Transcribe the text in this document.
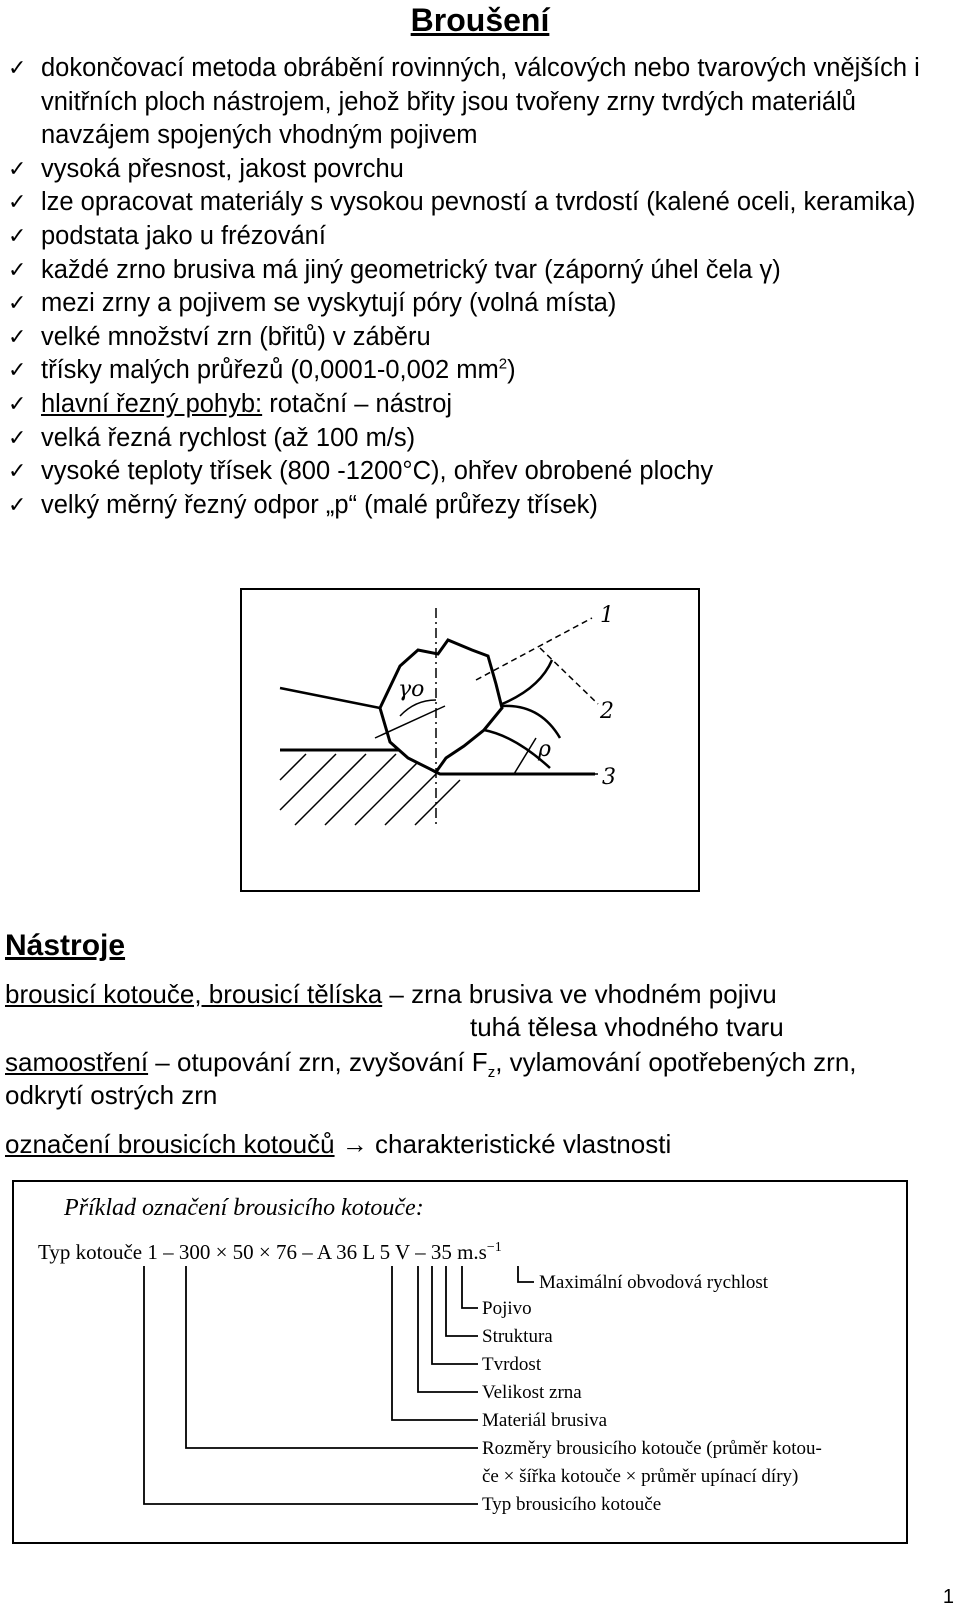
Broušení
✓ dokončovací metoda obrábění rovinných, válcových nebo tvarových vnějších i vnitřních ploch nástrojem, jehož břity jsou tvořeny zrny tvrdých materiálů navzájem spojených vhodným pojivem
✓ vysoká přesnost, jakost povrchu
✓ lze opracovat materiály s vysokou pevností a tvrdostí (kalené oceli, keramika)
✓ podstata jako u frézování
✓ každé zrno brusiva má jiný geometrický tvar (záporný úhel čela γ)
✓ mezi zrny a pojivem se vyskytují póry (volná místa)
✓ velké množství zrn (břitů) v záběru
✓ třísky malých průřezů (0,0001-0,002 $mm^2$)
✓ hlavní řezný pohyb: rotační – nástroj
✓ velká řezná rychlost (až 100 m/s)
✓ vysoké teploty třísek (800 -1200°C), ohřev obrobené plochy
✓ velký měrný řezný odpor „p“ (malé průřezy třísek)
γo
ρ
1
2
3
Nástroje
brousicí kotouče, brousicí tělíska – zrna brusiva ve vhodném pojivu
tuhá tělesa vhodného tvaru
samoostření – otupování zrn, zvyšování $F_z$, vylamování opotřebených zrn, odkrytí ostrých zrn
označení brousicích kotoučů → charakteristické vlastnosti
Příklad označení brousicího kotouče:
Typ kotouče 1 – 300 × 50 × 76 – A 36 L 5 V – 35 $m.s^{-1}$
Maximální obvodová rychlost
Pojivo
Struktura
Tvrdost
Velikost zrna
Materiál brusiva
Rozměry brousicího kotouče (průměr kotou-
če × šířka kotouče × průměr upínací díry)
Typ brousicího kotouče
1
